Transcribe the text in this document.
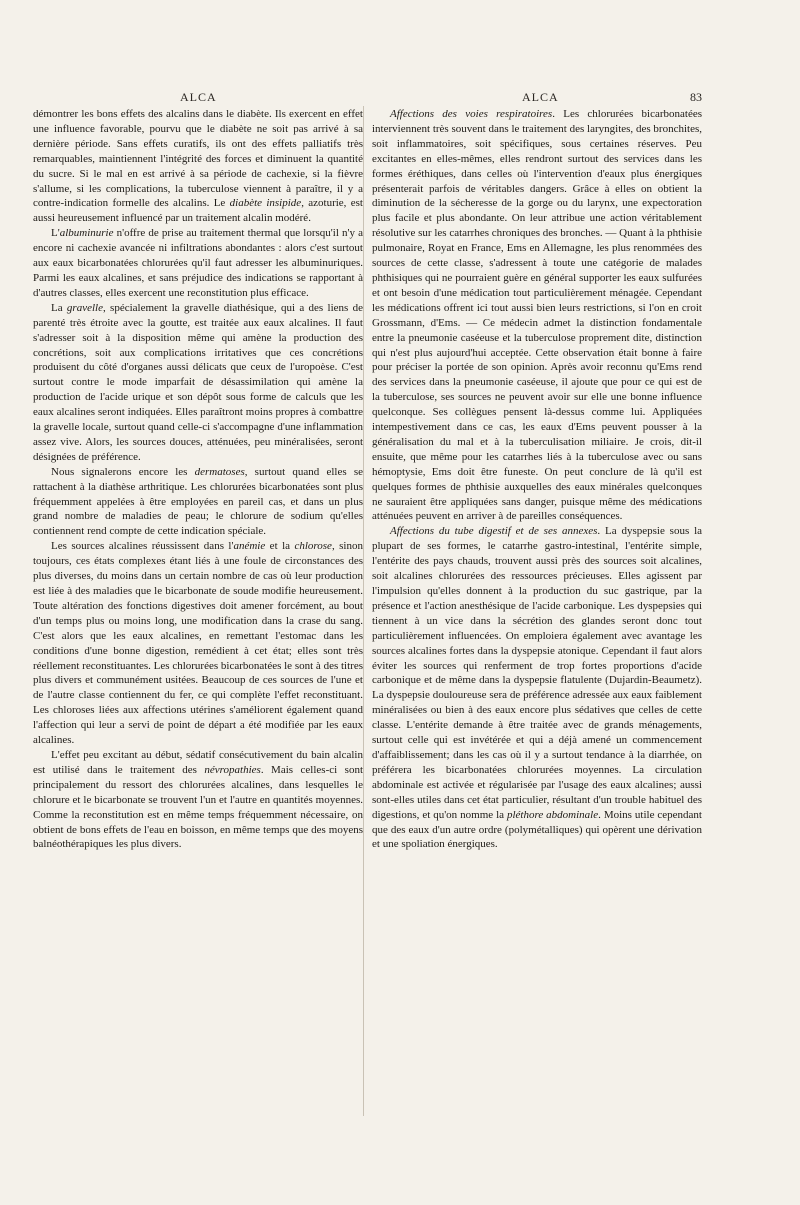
ALCA	ALCA	83

démontrer les bons effets des alcalins dans le diabète. Ils exercent en effet une influence favorable, pourvu que le diabète ne soit pas arrivé à sa dernière période. Sans effets curatifs, ils ont des effets palliatifs très remarquables, maintiennent l'intégrité des forces et diminuent la quantité du sucre. Si le mal en est arrivé à sa période de cachexie, si la fièvre s'allume, si les complications, la tuberculose viennent à paraître, il y a contre-indication formelle des alcalins. Le diabète insipide, azoturie, est aussi heureusement influencé par un traitement alcalin modéré.

L'albuminurie n'offre de prise au traitement thermal que lorsqu'il n'y a encore ni cachexie avancée ni infiltrations abondantes : alors c'est surtout aux eaux bicarbonatées chlorurées qu'il faut adresser les albuminuriques. Parmi les eaux alcalines, et sans préjudice des indications se rapportant à d'autres classes, elles exercent une reconstitution plus efficace.

La gravelle, spécialement la gravelle diathésique, qui a des liens de parenté très étroite avec la goutte, est traitée aux eaux alcalines. Il faut s'adresser soit à la disposition même qui amène la production des concrétions, soit aux complications irritatives que ces concrétions produisent du côté d'organes aussi délicats que ceux de l'uropoèse. C'est surtout contre le mode imparfait de désassimilation qui amène la production de l'acide urique et son dépôt sous forme de calculs que les eaux alcalines seront indiquées. Elles paraîtront moins propres à combattre la gravelle locale, surtout quand celle-ci s'accompagne d'une inflammation assez vive. Alors, les sources douces, atténuées, peu minéralisées, seront désignées de préférence.

Nous signalerons encore les dermatoses, surtout quand elles se rattachent à la diathèse arthritique. Les chlorurées bicarbonatées sont plus fréquemment appelées à être employées en pareil cas, et dans un plus grand nombre de maladies de peau; le chlorure de sodium qu'elles contiennent rend compte de cette indication spéciale.

Les sources alcalines réussissent dans l'anémie et la chlorose, sinon toujours, ces états complexes étant liés à une foule de circonstances des plus diverses, du moins dans un certain nombre de cas où leur production est liée à des maladies que le bicarbonate de soude modifie heureusement. Toute altération des fonctions digestives doit amener forcément, au bout d'un temps plus ou moins long, une modification dans la crase du sang. C'est alors que les eaux alcalines, en remettant l'estomac dans les conditions d'une bonne digestion, remédient à cet état; elles sont très réellement reconstituantes. Les chlorurées bicarbonatées le sont à des titres plus divers et communément usitées. Beaucoup de ces sources de l'une et de l'autre classe contiennent du fer, ce qui complète l'effet reconstituant. Les chloroses liées aux affections utérines s'améliorent également quand l'affection qui leur a servi de point de départ a été modifiée par les eaux alcalines.

L'effet peu excitant au début, sédatif consécutivement du bain alcalin est utilisé dans le traitement des névropathies. Mais celles-ci sont principalement du ressort des chlorurées alcalines, dans lesquelles le chlorure et le bicarbonate se trouvent l'un et l'autre en quantités moyennes. Comme la reconstitution est en même temps fréquemment nécessaire, on obtient de bons effets de l'eau en boisson, en même temps que des moyens balnéothérapiques les plus divers.

Affections des voies respiratoires. Les chlorurées bicarbonatées interviennent très souvent dans le traitement des laryngites, des bronchites, soit inflammatoires, soit spécifiques, sous certaines réserves. Peu excitantes en elles-mêmes, elles rendront surtout des services dans les formes éréthiques, dans celles où l'intervention d'eaux plus énergiques présenterait parfois de véritables dangers. Grâce à elles on obtient la diminution de la sécheresse de la gorge ou du larynx, une expectoration plus facile et plus abondante. On leur attribue une action véritablement résolutive sur les catarrhes chroniques des bronches. — Quant à la phthisie pulmonaire, Royat en France, Ems en Allemagne, les plus renommées des sources de cette classe, s'adressent à toute une catégorie de malades phthisiques qui ne pourraient guère en général supporter les eaux sulfurées et ont besoin d'une médication tout particulièrement ménagée. Cependant les médications offrent ici tout aussi bien leurs restrictions, si l'on en croit Grossmann, d'Ems. — Ce médecin admet la distinction fondamentale entre la pneumonie caséeuse et la tuberculose proprement dite, distinction qui n'est plus aujourd'hui acceptée. Cette observation était bonne à faire pour préciser la portée de son opinion. Après avoir reconnu qu'Ems rend des services dans la pneumonie caséeuse, il ajoute que pour ce qui est de la tuberculose, ses sources ne peuvent avoir sur elle une bonne influence quelconque. Ses collègues pensent là-dessus comme lui. Appliquées intempestivement dans ce cas, les eaux d'Ems peuvent pousser à la généralisation du mal et à la tuberculisation miliaire. Je crois, dit-il ensuite, que même pour les catarrhes liés à la tuberculose avec ou sans hémoptysie, Ems doit être funeste. On peut conclure de là qu'il est quelques formes de phthisie auxquelles des eaux minérales quelconques ne sauraient être appliquées sans danger, puisque même des médications atténuées peuvent en arriver à de pareilles conséquences.

Affections du tube digestif et de ses annexes. La dyspepsie sous la plupart de ses formes, le catarrhe gastro-intestinal, l'entérite simple, l'entérite des pays chauds, trouvent aussi près des sources soit alcalines, soit alcalines chlorurées des ressources précieuses. Elles agissent par l'impulsion qu'elles donnent à la production du suc gastrique, par la présence et l'action anesthésique de l'acide carbonique. Les dyspepsies qui tiennent à un vice dans la sécrétion des glandes seront donc tout particulièrement influencées. On emploiera également avec avantage les sources alcalines fortes dans la dyspepsie atonique. Cependant il faut alors éviter les sources qui renferment de trop fortes proportions d'acide carbonique et de même dans la dyspepsie flatulente (Dujardin-Beaumetz). La dyspepsie douloureuse sera de préférence adressée aux eaux faiblement minéralisées ou bien à des eaux encore plus sédatives que celles de cette classe. L'entérite demande à être traitée avec de grands ménagements, surtout celle qui est invétérée et qui a déjà amené un commencement d'affaiblissement; dans les cas où il y a surtout tendance à la diarrhée, on préférera les bicarbonatées chlorurées moyennes. La circulation abdominale est activée et régularisée par l'usage des eaux alcalines; aussi sont-elles utiles dans cet état particulier, résultant d'un trouble habituel des digestions, et qu'on nomme la pléthore abdominale. Moins utile cependant que des eaux d'un autre ordre (polymétalliques) qui opèrent une dérivation et une spoliation énergiques.
